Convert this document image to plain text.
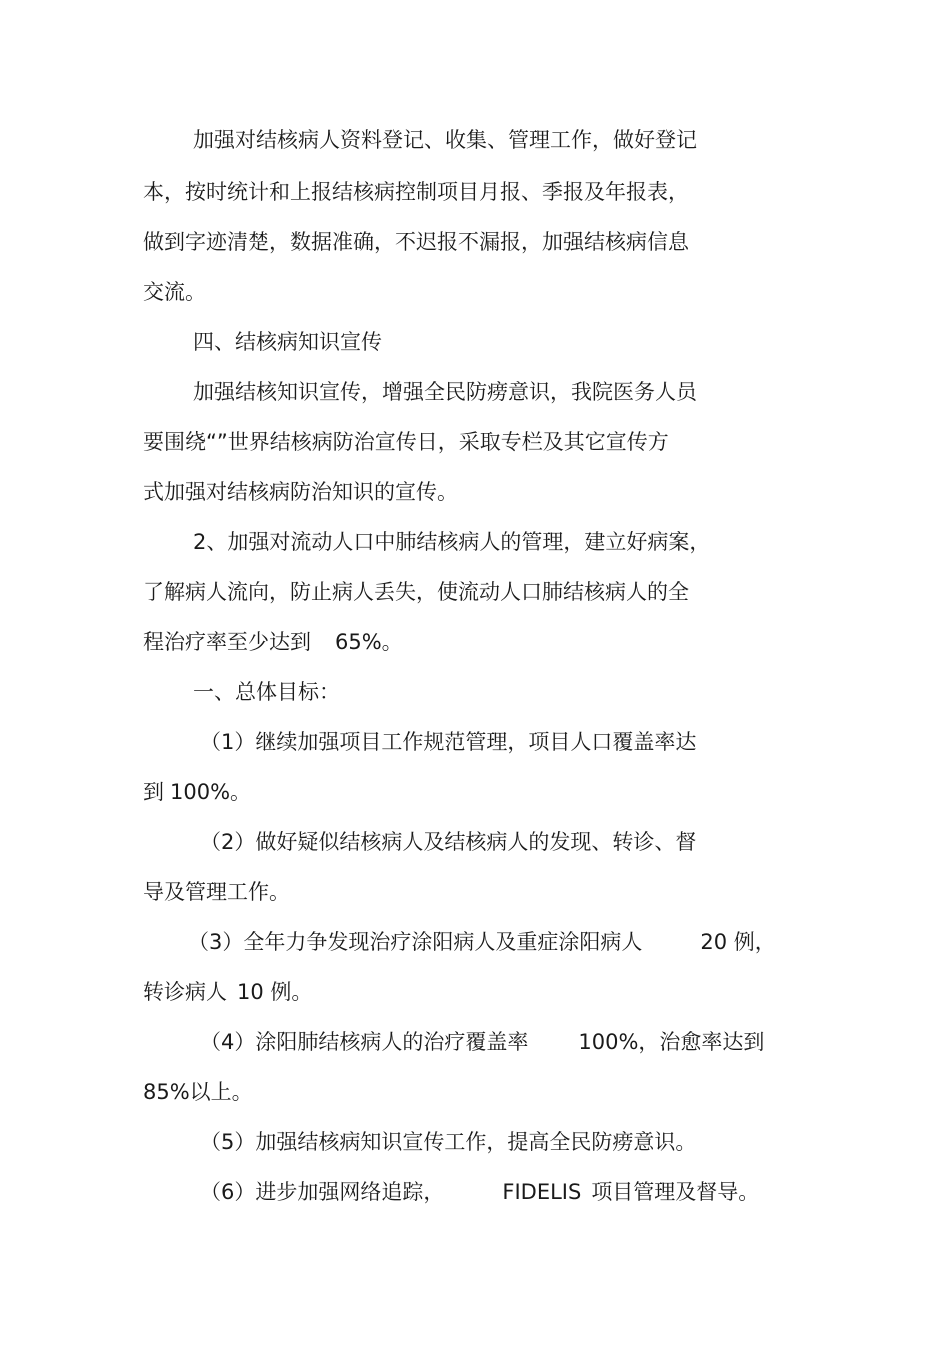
加强对结核病人资料登记、收集、管理工作，做好登记

本，按时统计和上报结核病控制项目月报、季报及年报表，

做到字迹清楚，数据准确，不迟报不漏报，加强结核病信息

交流。

四、结核病知识宣传

加强结核知识宣传，增强全民防痨意识，我院医务人员

要围绕“”世界结核病防治宣传日，采取专栏及其它宣传方

式加强对结核病防治知识的宣传。

2、加强对流动人口中肺结核病人的管理，建立好病案，

了解病人流向，防止病人丢失，使流动人口肺结核病人的全

程治疗率至少达到 65%。

一、总体目标：

（1）继续加强项目工作规范管理，项目人口覆盖率达

到 100%。

（2）做好疑似结核病人及结核病人的发现、转诊、督

导及管理工作。

（3）全年力争发现治疗涂阳病人及重症涂阳病人	20 例，

转诊病人 10 例。

（4）涂阳肺结核病人的治疗覆盖率 100%，治愈率达到

85%以上。

（5）加强结核病知识宣传工作，提高全民防痨意识。

（6）进步加强网络追踪，	FIDELIS 项目管理及督导。
